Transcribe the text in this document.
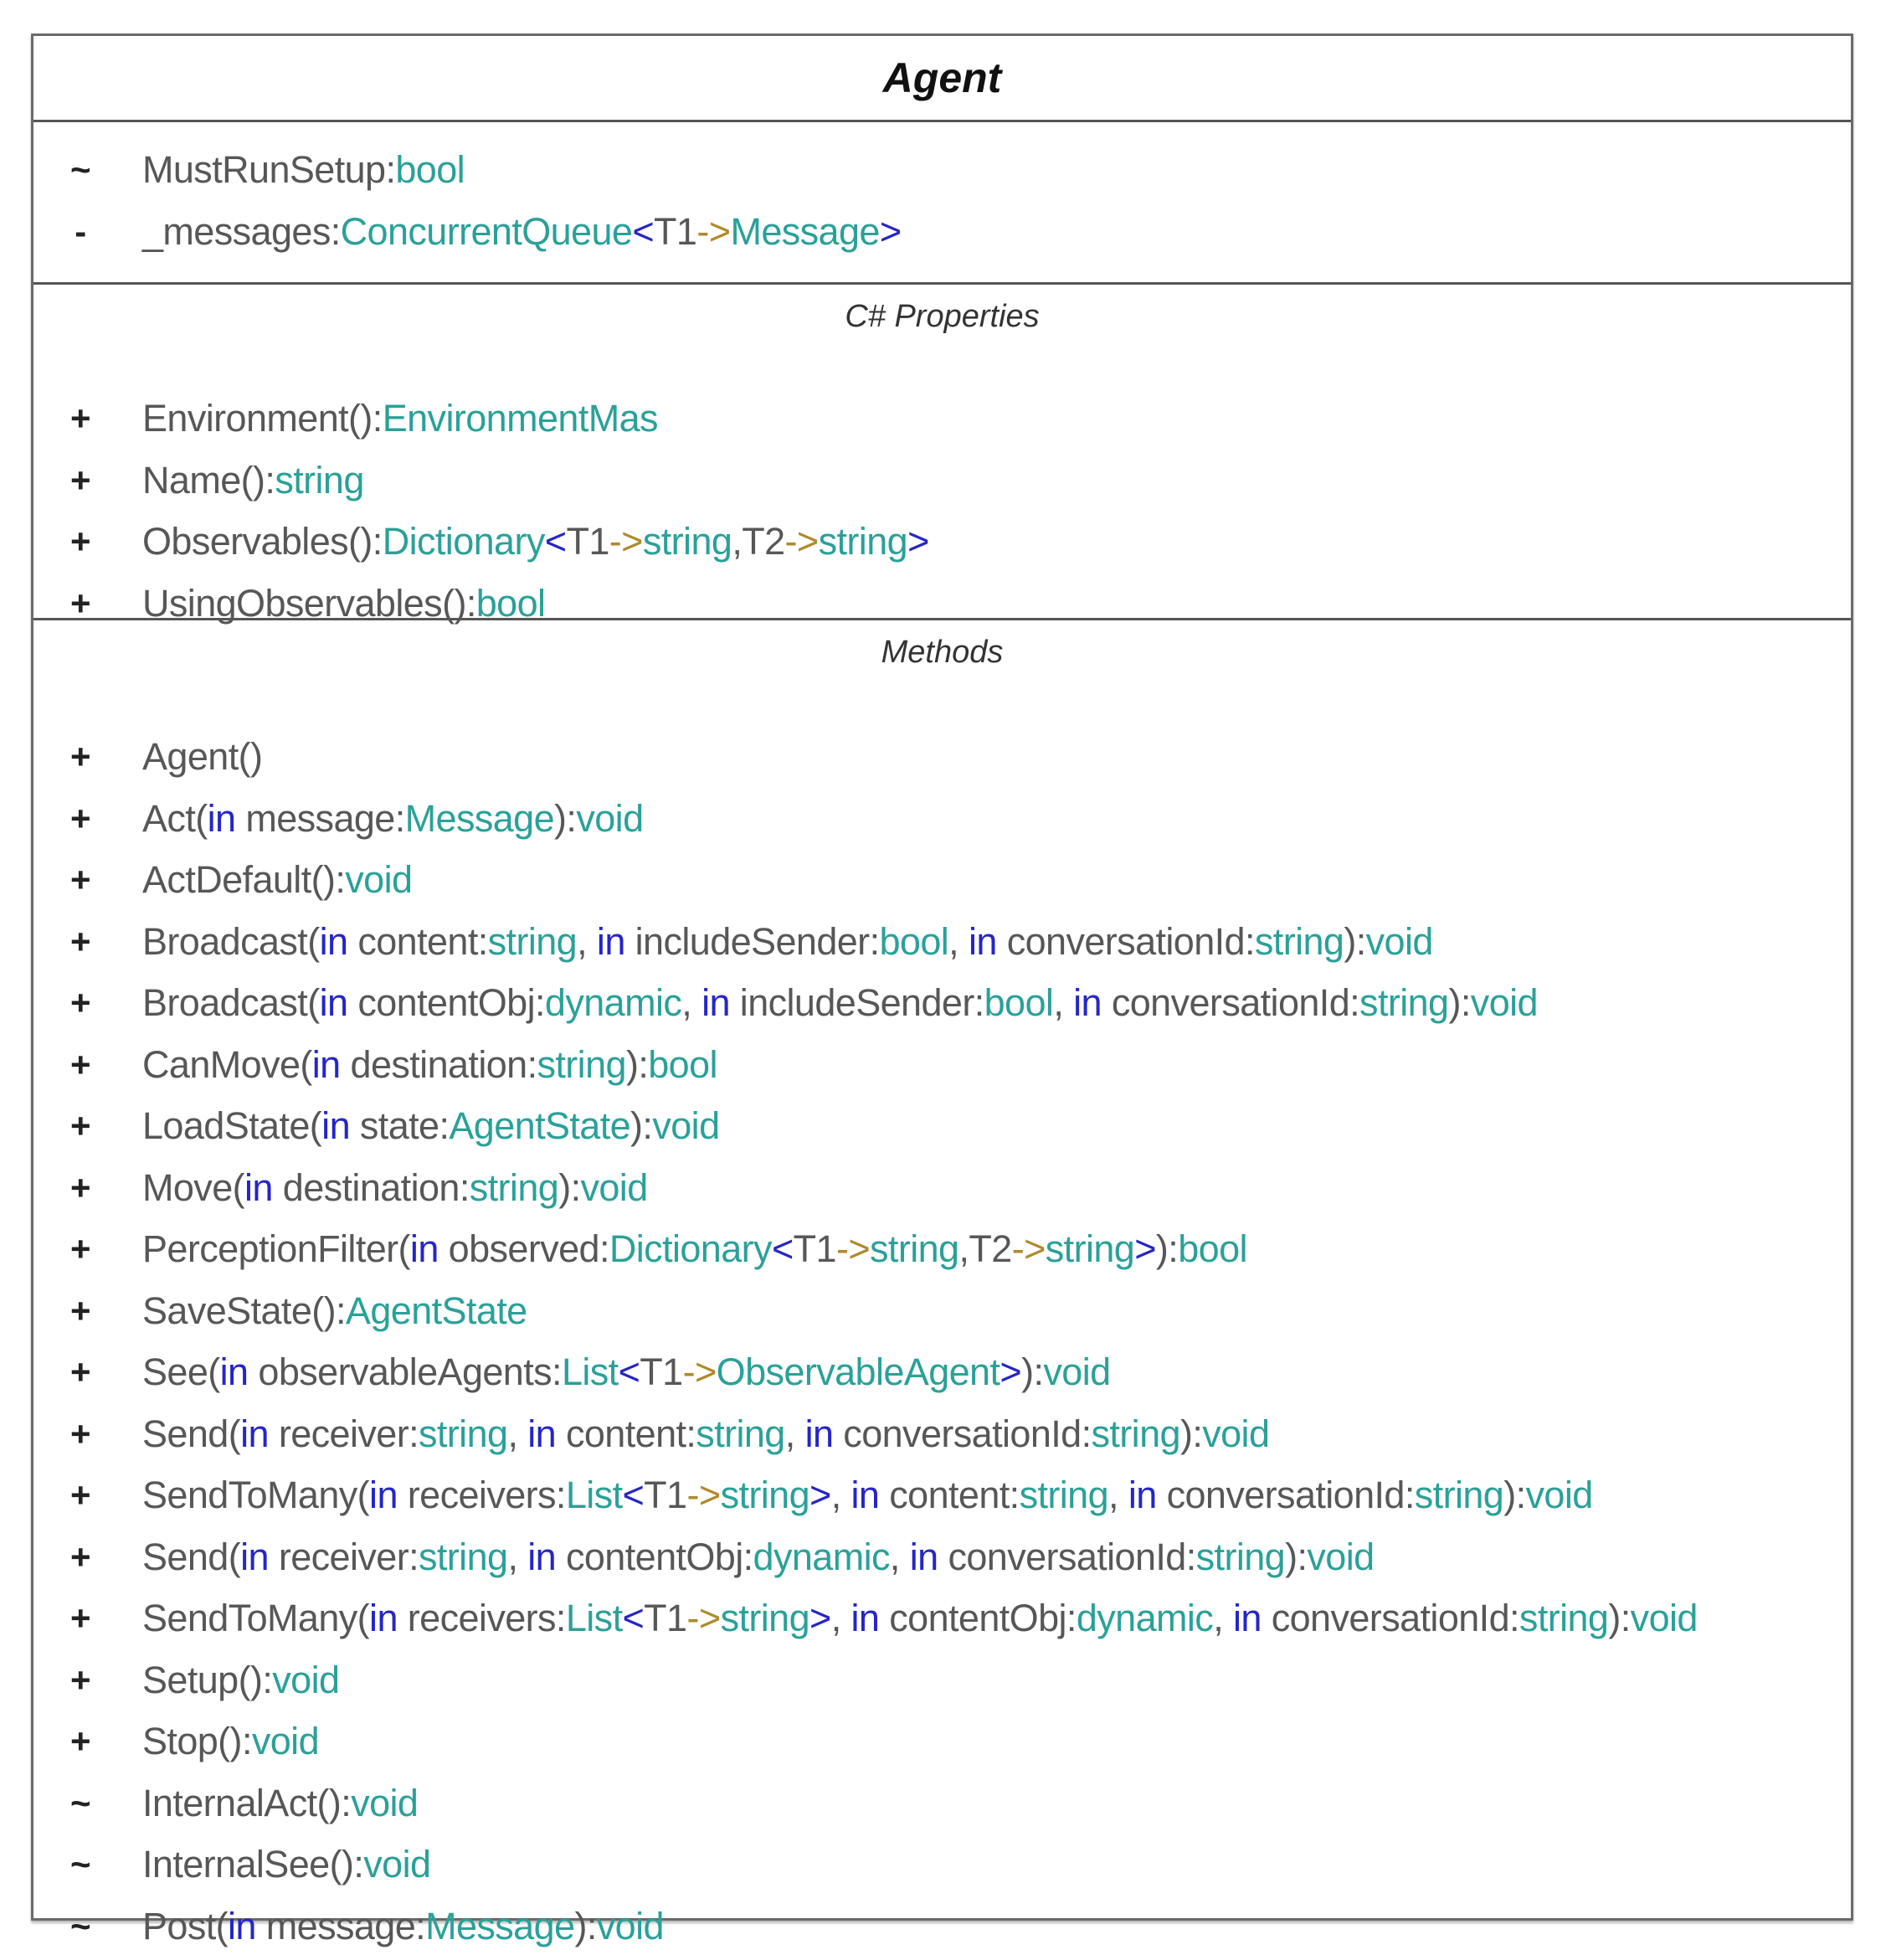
Agent
~ MustRunSetup:bool
- _messages:ConcurrentQueue<T1->Message>
C# Properties
+ Environment():EnvironmentMas
+ Name():string
+ Observables():Dictionary<T1->string,T2->string>
+ UsingObservables():bool
Methods
+ Agent()
+ Act(in message:Message):void
+ ActDefault():void
+ Broadcast(in content:string, in includeSender:bool, in conversationId:string):void
+ Broadcast(in contentObj:dynamic, in includeSender:bool, in conversationId:string):void
+ CanMove(in destination:string):bool
+ LoadState(in state:AgentState):void
+ Move(in destination:string):void
+ PerceptionFilter(in observed:Dictionary<T1->string,T2->string>):bool
+ SaveState():AgentState
+ See(in observableAgents:List<T1->ObservableAgent>):void
+ Send(in receiver:string, in content:string, in conversationId:string):void
+ SendToMany(in receivers:List<T1->string>, in content:string, in conversationId:string):void
+ Send(in receiver:string, in contentObj:dynamic, in conversationId:string):void
+ SendToMany(in receivers:List<T1->string>, in contentObj:dynamic, in conversationId:string):void
+ Setup():void
+ Stop():void
~ InternalAct():void
~ InternalSee():void
~ Post(in message:Message):void
